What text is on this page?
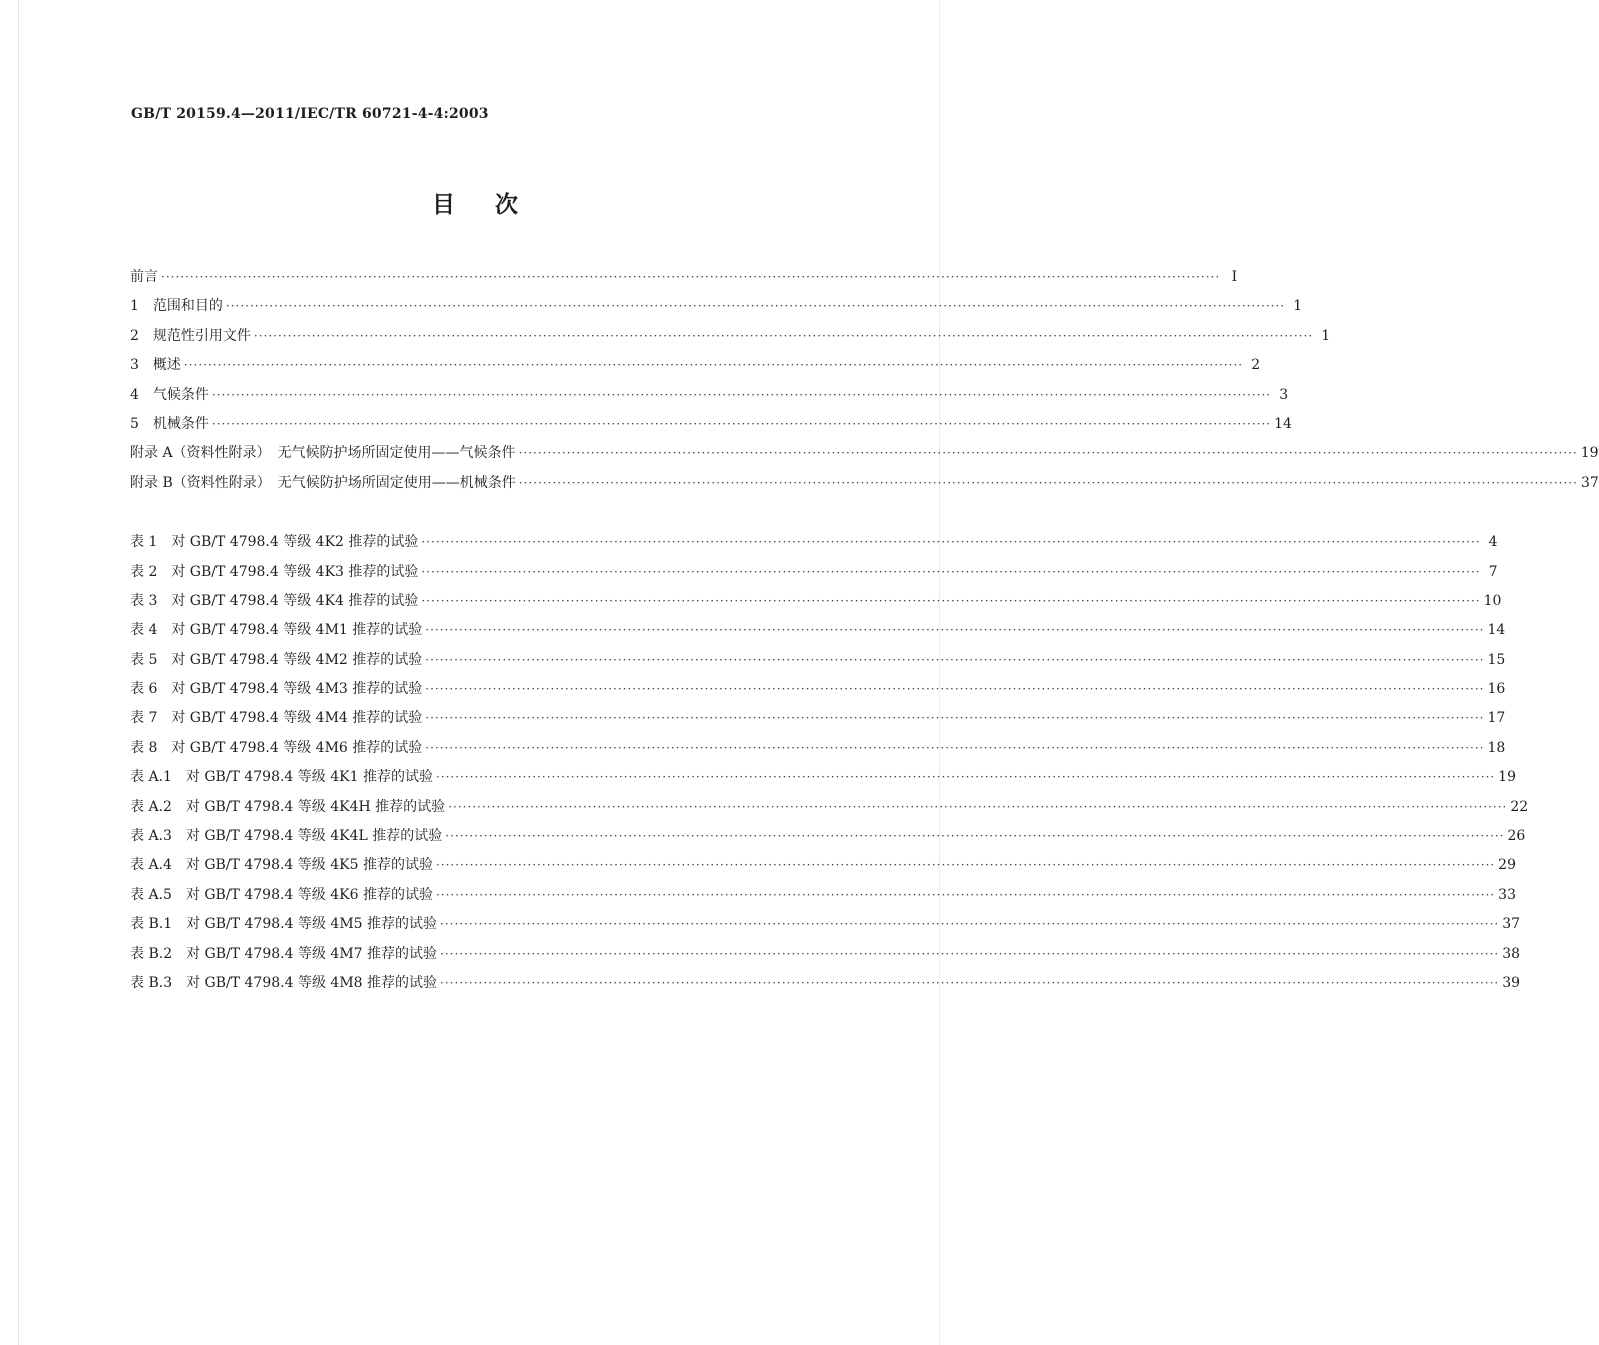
GB/T 20159.4—2011/IEC/TR 60721-4-4:2003
目次
前言 ···························································································································································································································· Ⅰ
1　范围和目的 ···························································································································································································································· 1
2　规范性引用文件 ···························································································································································································································· 1
3　概述 ···························································································································································································································· 2
4　气候条件 ···························································································································································································································· 3
5　机械条件 ···························································································································································································································· 14
附录 A（资料性附录）　无气候防护场所固定使用——气候条件 ···························································································································································································································· 19
附录 B（资料性附录）　无气候防护场所固定使用——机械条件 ···························································································································································································································· 37
表 1　对 GB/T 4798.4 等级 4K2 推荐的试验 ···························································································································································································································· 4
表 2　对 GB/T 4798.4 等级 4K3 推荐的试验 ···························································································································································································································· 7
表 3　对 GB/T 4798.4 等级 4K4 推荐的试验 ···························································································································································································································· 10
表 4　对 GB/T 4798.4 等级 4M1 推荐的试验 ···························································································································································································································· 14
表 5　对 GB/T 4798.4 等级 4M2 推荐的试验 ···························································································································································································································· 15
表 6　对 GB/T 4798.4 等级 4M3 推荐的试验 ···························································································································································································································· 16
表 7　对 GB/T 4798.4 等级 4M4 推荐的试验 ···························································································································································································································· 17
表 8　对 GB/T 4798.4 等级 4M6 推荐的试验 ···························································································································································································································· 18
表 A.1　对 GB/T 4798.4 等级 4K1 推荐的试验 ···························································································································································································································· 19
表 A.2　对 GB/T 4798.4 等级 4K4H 推荐的试验 ···························································································································································································································· 22
表 A.3　对 GB/T 4798.4 等级 4K4L 推荐的试验 ···························································································································································································································· 26
表 A.4　对 GB/T 4798.4 等级 4K5 推荐的试验 ···························································································································································································································· 29
表 A.5　对 GB/T 4798.4 等级 4K6 推荐的试验 ···························································································································································································································· 33
表 B.1　对 GB/T 4798.4 等级 4M5 推荐的试验 ···························································································································································································································· 37
表 B.2　对 GB/T 4798.4 等级 4M7 推荐的试验 ···························································································································································································································· 38
表 B.3　对 GB/T 4798.4 等级 4M8 推荐的试验 ···························································································································································································································· 39
